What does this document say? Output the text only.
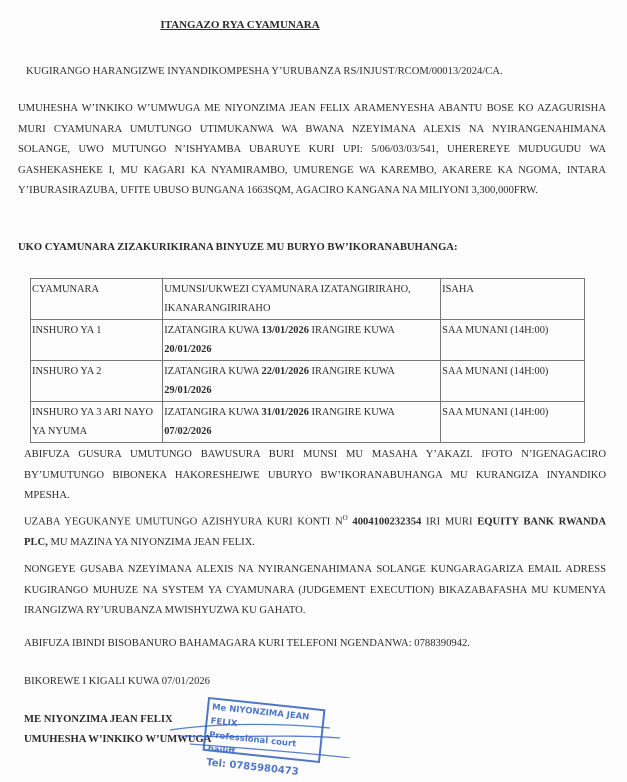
ITANGAZO RYA CYAMUNARA
KUGIRANGO HARANGIZWE INYANDIKOMPESHA Y’URUBANZA RS/INJUST/RCOM/00013/2024/CA.
UMUHESHA W’INKIKO W’UMWUGA ME NIYONZIMA JEAN FELIX ARAMENYESHA ABANTU BOSE KO AZAGURISHA MURI CYAMUNARA UMUTUNGO UTIMUKANWA WA BWANA NZEYIMANA ALEXIS NA NYIRANGENAHIMANA SOLANGE, UWO MUTUNGO N’ISHYAMBA UBARUYE KURI UPI: 5/06/03/03/541, UHEREREYE MUDUGUDU WA GASHEKASHEKE I, MU KAGARI KA NYAMIRAMBO, UMURENGE WA KAREMBO, AKARERE KA NGOMA, INTARA Y’IBURASIRAZUBA, UFITE UBUSO BUNGANA 1663SQM, AGACIRO KANGANA NA MILIYONI 3,300,000FRW.
UKO CYAMUNARA ZIZAKURIKIRANA BINYUZE MU BURYO BW’IKORANABUHANGA:
CYAMUNARA	UMUNSI/UKWEZI CYAMUNARA IZATANGIRIRAHO, IKANARANGIRIRAHO	ISAHA
INSHURO YA 1	IZATANGIRA KUWA 13/01/2026 IRANGIRE KUWA 20/01/2026	SAA MUNANI (14H:00)
INSHURO YA 2	IZATANGIRA KUWA 22/01/2026 IRANGIRE KUWA 29/01/2026	SAA MUNANI (14H:00)
INSHURO YA 3 ARI NAYO YA NYUMA	IZATANGIRA KUWA 31/01/2026 IRANGIRE KUWA 07/02/2026	SAA MUNANI (14H:00)
ABIFUZA GUSURA UMUTUNGO BAWUSURA BURI MUNSI MU MASAHA Y’AKAZI. IFOTO N’IGENAGACIRO BY’UMUTUNGO BIBONEKA HAKORESHEJWE UBURYO BW’IKORANABUHANGA MU KURANGIZA INYANDIKO MPESHA.
UZABA YEGUKANYE UMUTUNGO AZISHYURA KURI KONTI $N^O$ 4004100232354 IRI MURI EQUITY BANK RWANDA PLC, MU MAZINA YA NIYONZIMA JEAN FELIX.
NONGEYE GUSABA NZEYIMANA ALEXIS NA NYIRANGENAHIMANA SOLANGE KUNGARAGARIZA EMAIL ADRESS KUGIRANGO MUHUZE NA SYSTEM YA CYAMUNARA (JUDGEMENT EXECUTION) BIKAZABAFASHA MU KUMENYA IRANGIZWA RY’URUBANZA MWISHYUZWA KU GAHATO.
ABIFUZA IBINDI BISOBANURO BAHAMAGARA KURI TELEFONI NGENDANWA: 0788390942.
BIKOREWE I KIGALI KUWA 07/01/2026
ME NIYONZIMA JEAN FELIX
UMUHESHA W’INKIKO W’UMWUGA
Me NIYONZIMA JEAN FELIX
Professional court bailiff
Tel: 0785980473
